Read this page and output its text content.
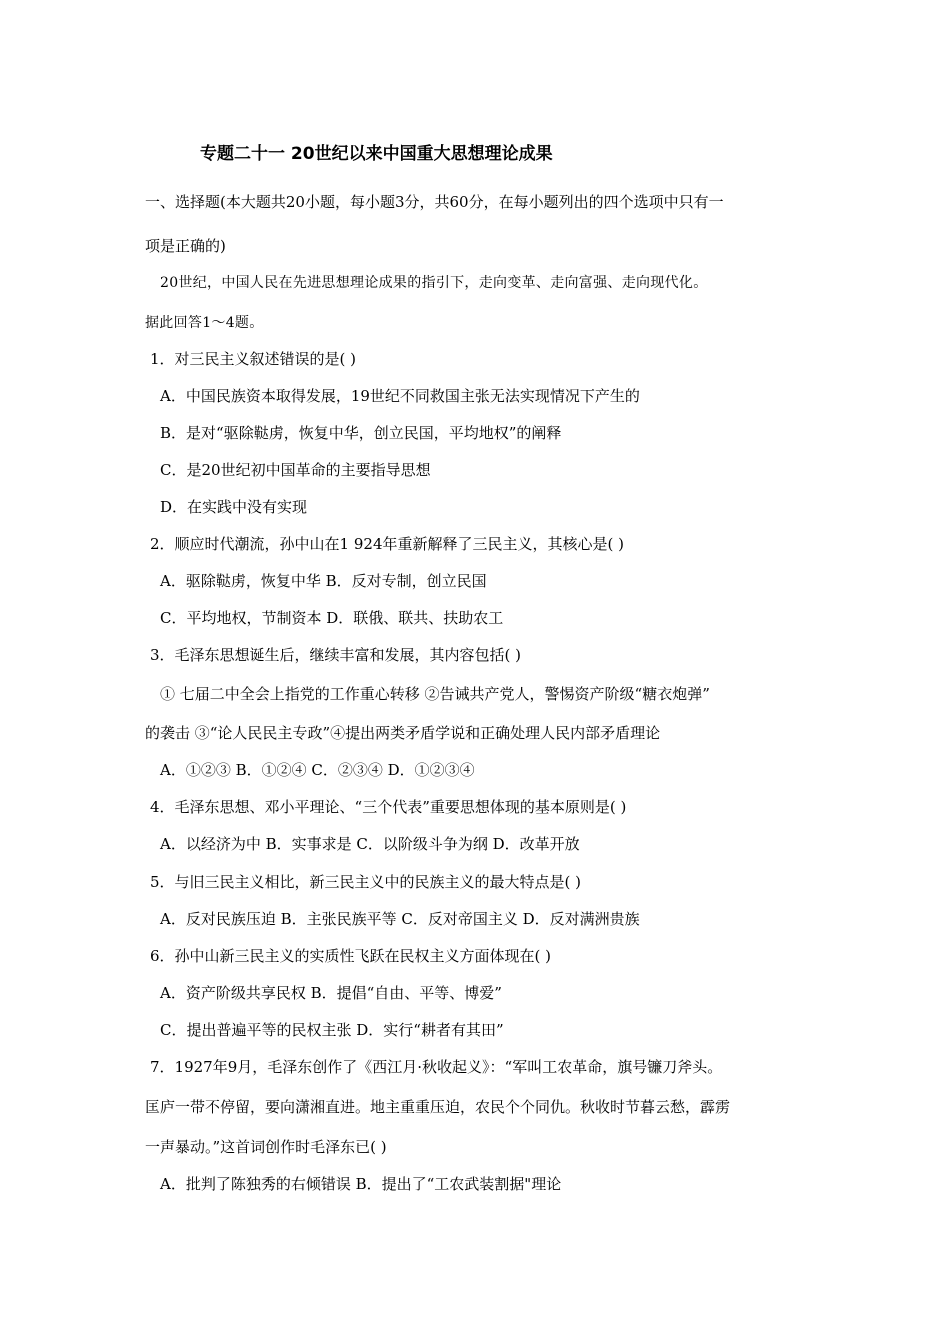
专题二十一 20世纪以来中国重大思想理论成果
一、选择题(本大题共20小题，每小题3分，共60分，在每小题列出的四个选项中只有一
项是正确的)
20世纪，中国人民在先进思想理论成果的指引下，走向变革、走向富强、走向现代化。
据此回答1～4题。
1．对三民主义叙述错误的是( )
A．中国民族资本取得发展，19世纪不同救国主张无法实现情况下产生的
B．是对“驱除鞑虏，恢复中华，创立民国，平均地权”的阐释
C．是20世纪初中国革命的主要指导思想
D．在实践中没有实现
2．顺应时代潮流，孙中山在1 924年重新解释了三民主义，其核心是( )
A．驱除鞑虏，恢复中华 B．反对专制，创立民国
C．平均地权，节制资本 D．联俄、联共、扶助农工
3．毛泽东思想诞生后，继续丰富和发展，其内容包括( )
① 七届二中全会上指党的工作重心转移 ②告诫共产党人，警惕资产阶级“糖衣炮弹”
的袭击 ③“论人民民主专政”④提出两类矛盾学说和正确处理人民内部矛盾理论
A．①②③ B．①②④ C．②③④ D．①②③④
4．毛泽东思想、邓小平理论、“三个代表”重要思想体现的基本原则是( )
A．以经济为中 B．实事求是 C．以阶级斗争为纲 D．改革开放
5．与旧三民主义相比，新三民主义中的民族主义的最大特点是( )
A．反对民族压迫 B．主张民族平等 C．反对帝国主义 D．反对满洲贵族
6．孙中山新三民主义的实质性飞跃在民权主义方面体现在( )
A．资产阶级共享民权 B．提倡“自由、平等、博爱”
C．提出普遍平等的民权主张 D．实行“耕者有其田”
7．1927年9月，毛泽东创作了《西江月·秋收起义》：“军叫工农革命，旗号镰刀斧头。
匡庐一带不停留，要向潇湘直进。地主重重压迫，农民个个同仇。秋收时节暮云愁，霹雳
一声暴动。”这首词创作时毛泽东已( )
A．批判了陈独秀的右倾错误 B．提出了“工农武装割据"理论
